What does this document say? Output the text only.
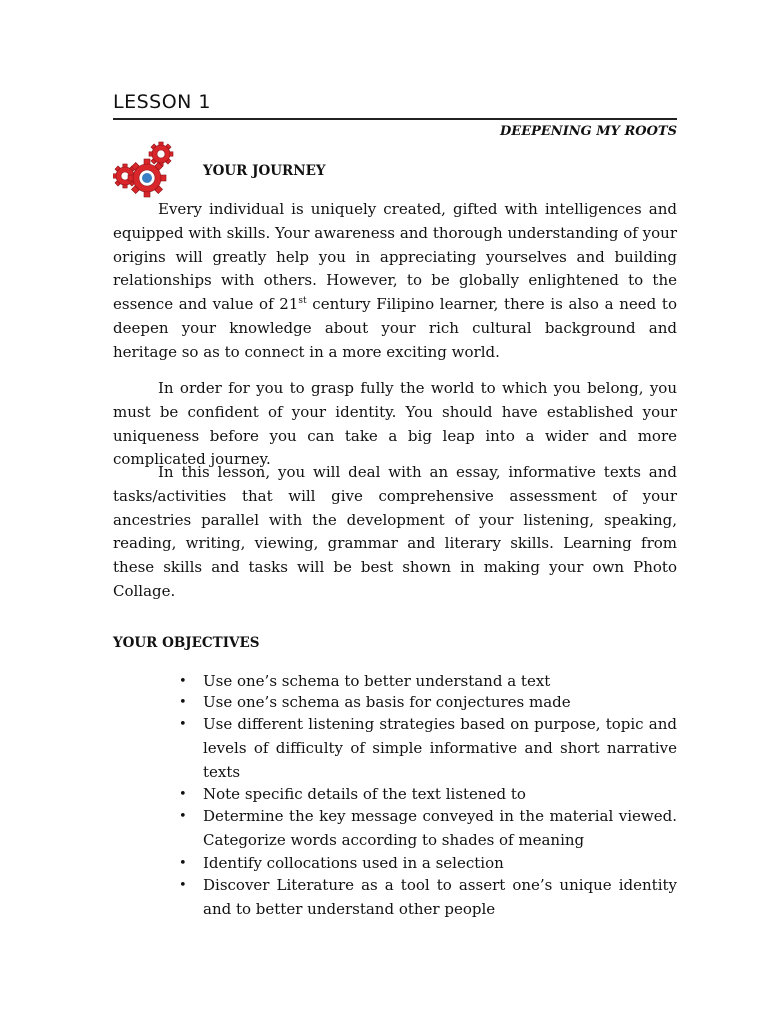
LESSON 1

DEEPENING MY ROOTS

YOUR JOURNEY

Every individual is uniquely created, gifted with intelligences and equipped with skills. Your awareness and thorough understanding of your origins will greatly help you in appreciating yourselves and building relationships with others. However, to be globally enlightened to the essence and value of 21st century Filipino learner, there is also a need to deepen your knowledge about your rich cultural background and heritage so as to connect in a more exciting world.

In order for you to grasp fully the world to which you belong, you must be confident of your identity. You should have established your uniqueness before you can take a big leap into a wider and more complicated journey.

In this lesson, you will deal with an essay, informative texts and tasks/activities that will give comprehensive assessment of your ancestries parallel with the development of your listening, speaking, reading, writing, viewing, grammar and literary skills. Learning from these skills and tasks will be best shown in making your own Photo Collage.

YOUR OBJECTIVES
• Use one’s schema to better understand a text
• Use one’s schema as basis for conjectures made
• Use different listening strategies based on purpose, topic and levels of difficulty of simple informative and short narrative texts
• Note specific details of the text listened to
• Determine the key message conveyed in the material viewed. Categorize words according to shades of meaning
• Identify collocations used in a selection
• Discover Literature as a tool to assert one’s unique identity and to better understand other people
